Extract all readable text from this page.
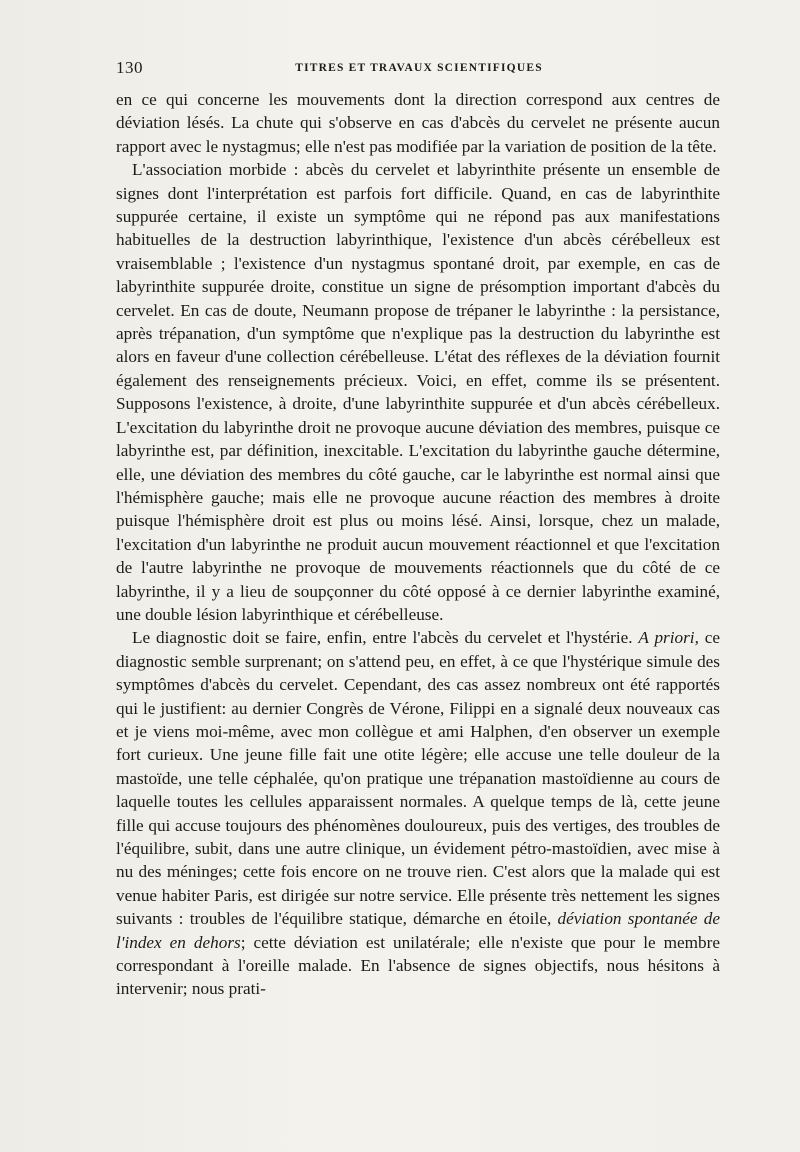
130	TITRES ET TRAVAUX SCIENTIFIQUES

en ce qui concerne les mouvements dont la direction correspond aux centres de déviation lésés. La chute qui s'observe en cas d'abcès du cervelet ne présente aucun rapport avec le nystagmus; elle n'est pas modifiée par la variation de position de la tête.

L'association morbide : abcès du cervelet et labyrinthite présente un ensemble de signes dont l'interprétation est parfois fort difficile. Quand, en cas de labyrinthite suppurée certaine, il existe un symptôme qui ne répond pas aux manifestations habituelles de la destruction labyrinthique, l'existence d'un abcès cérébelleux est vraisemblable ; l'existence d'un nystagmus spontané droit, par exemple, en cas de labyrinthite suppurée droite, constitue un signe de présomption important d'abcès du cervelet. En cas de doute, Neumann propose de trépaner le labyrinthe : la persistance, après trépanation, d'un symptôme que n'explique pas la destruction du labyrinthe est alors en faveur d'une collection cérébelleuse. L'état des réflexes de la déviation fournit également des renseignements précieux. Voici, en effet, comme ils se présentent. Supposons l'existence, à droite, d'une labyrinthite suppurée et d'un abcès cérébelleux. L'excitation du labyrinthe droit ne provoque aucune déviation des membres, puisque ce labyrinthe est, par définition, inexcitable. L'excitation du labyrinthe gauche détermine, elle, une déviation des membres du côté gauche, car le labyrinthe est normal ainsi que l'hémisphère gauche; mais elle ne provoque aucune réaction des membres à droite puisque l'hémisphère droit est plus ou moins lésé. Ainsi, lorsque, chez un malade, l'excitation d'un labyrinthe ne produit aucun mouvement réactionnel et que l'excitation de l'autre labyrinthe ne provoque de mouvements réactionnels que du côté de ce labyrinthe, il y a lieu de soupçonner du côté opposé à ce dernier labyrinthe examiné, une double lésion labyrinthique et cérébelleuse.

Le diagnostic doit se faire, enfin, entre l'abcès du cervelet et l'hystérie. A priori, ce diagnostic semble surprenant; on s'attend peu, en effet, à ce que l'hystérique simule des symptômes d'abcès du cervelet. Cependant, des cas assez nombreux ont été rapportés qui le justifient: au dernier Congrès de Vérone, Filippi en a signalé deux nouveaux cas et je viens moi-même, avec mon collègue et ami Halphen, d'en observer un exemple fort curieux. Une jeune fille fait une otite légère; elle accuse une telle douleur de la mastoïde, une telle céphalée, qu'on pratique une trépanation mastoïdienne au cours de laquelle toutes les cellules apparaissent normales. A quelque temps de là, cette jeune fille qui accuse toujours des phénomènes douloureux, puis des vertiges, des troubles de l'équilibre, subit, dans une autre clinique, un évidement pétro-mastoïdien, avec mise à nu des méninges; cette fois encore on ne trouve rien. C'est alors que la malade qui est venue habiter Paris, est dirigée sur notre service. Elle présente très nettement les signes suivants : troubles de l'équilibre statique, démarche en étoile, déviation spontanée de l'index en dehors; cette déviation est unilatérale; elle n'existe que pour le membre correspondant à l'oreille malade. En l'absence de signes objectifs, nous hésitons à intervenir; nous prati-
